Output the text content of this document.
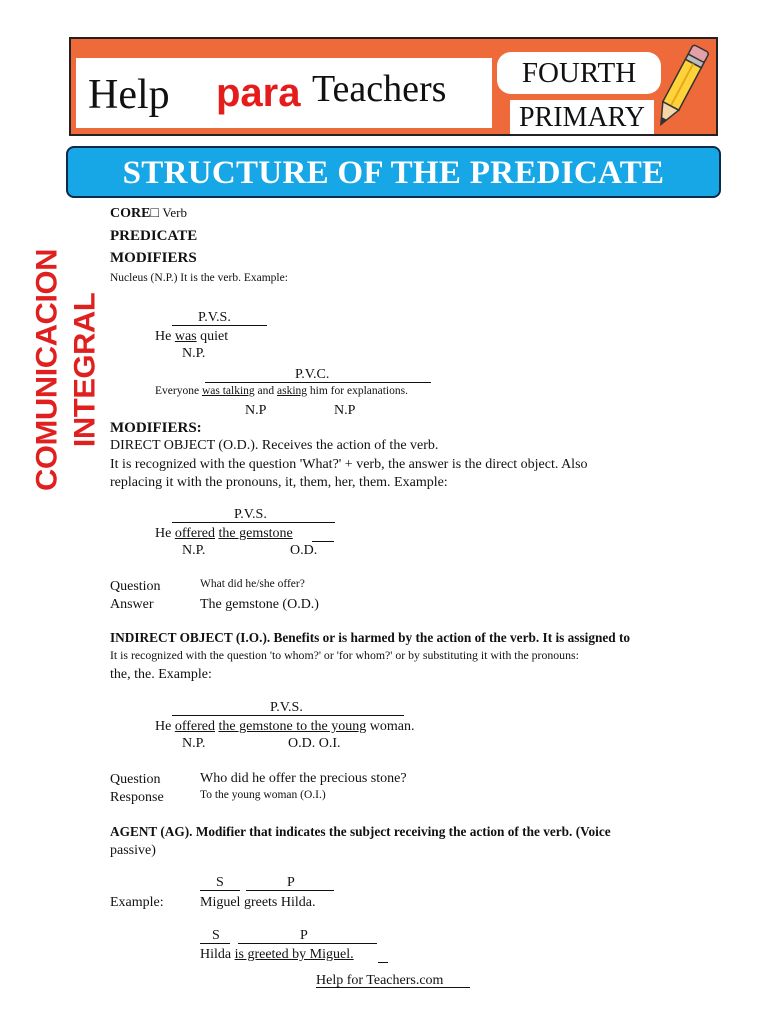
Help para Teachers	FOURTH
PRIMARY
STRUCTURE OF THE PREDICATE
COMUNICACION INTEGRAL
CORE□ Verb
PREDICATE
MODIFIERS
Nucleus (N.P.) It is the verb. Example:
P.V.S.
He was quiet
N.P.
P.V.C.
Everyone was talking and asking him for explanations.
N.P	N.P
MODIFIERS:
DIRECT OBJECT (O.D.). Receives the action of the verb.
It is recognized with the question 'What?' + verb, the answer is the direct object. Also
replacing it with the pronouns, it, them, her, them. Example:
P.V.S.
He offered the gemstone
N.P.	O.D.
Question	What did he/she offer?
Answer	The gemstone (O.D.)
INDIRECT OBJECT (I.O.). Benefits or is harmed by the action of the verb. It is assigned to
It is recognized with the question 'to whom?' or 'for whom?' or by substituting it with the pronouns:
the, the. Example:
P.V.S.
He offered the gemstone to the young woman.
N.P.	O.D. O.I.
Question	Who did he offer the precious stone?
Response	To the young woman (O.I.)
AGENT (AG). Modifier that indicates the subject receiving the action of the verb. (Voice
passive)
S	P
Example:	Miguel greets Hilda.
S	P
Hilda is greeted by Miguel.
Help for Teachers.com
